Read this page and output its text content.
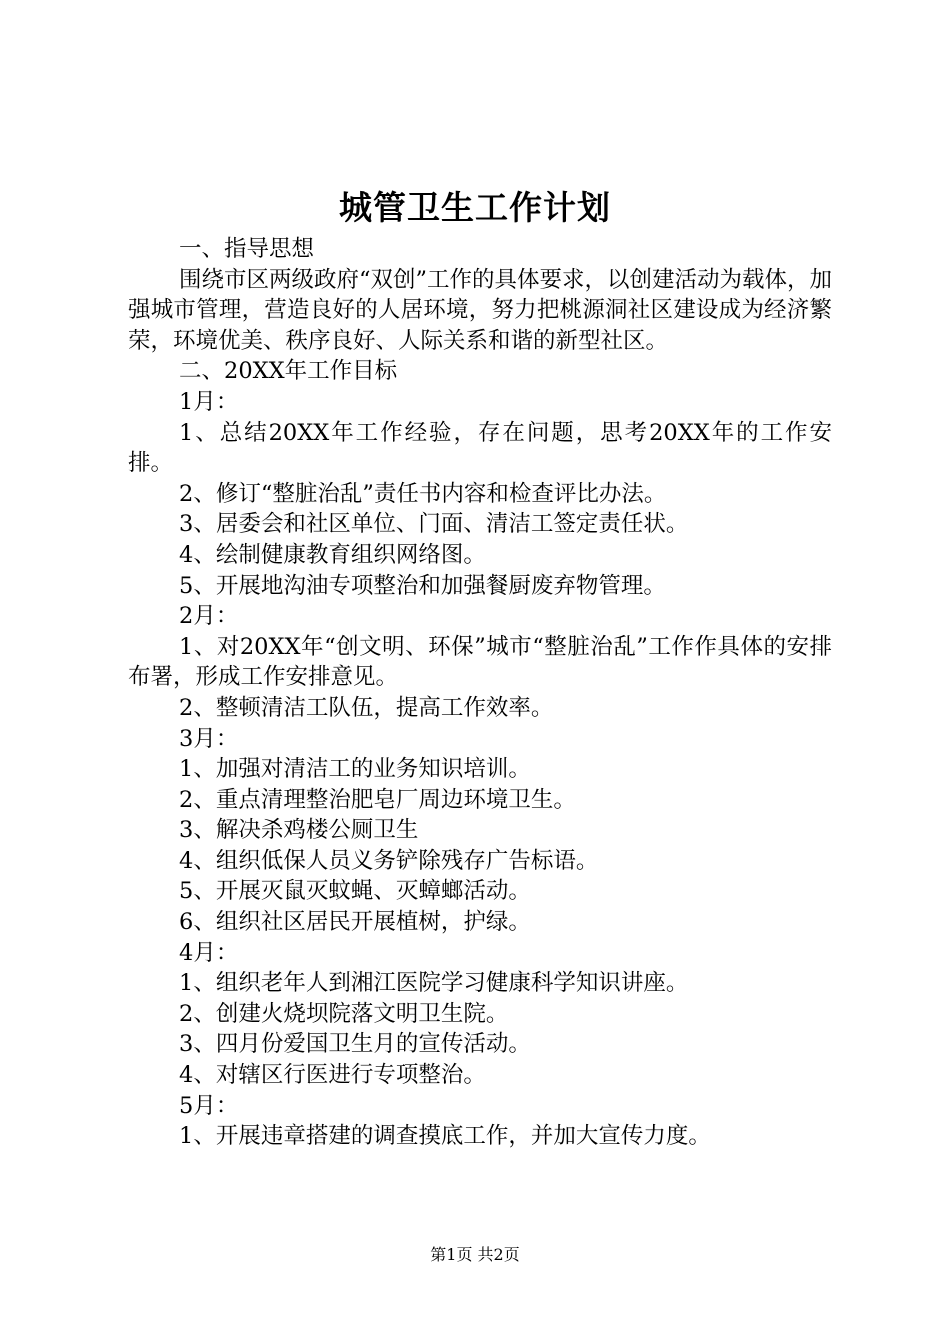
城管卫生工作计划

一、指导思想

围绕市区两级政府“双创”工作的具体要求，以创建活动为载体，加强城市管理，营造良好的人居环境，努力把桃源洞社区建设成为经济繁荣，环境优美、秩序良好、人际关系和谐的新型社区。

二、20XX年工作目标

1月：

1、总结20XX年工作经验，存在问题，思考20XX年的工作安排。

2、修订“整脏治乱”责任书内容和检查评比办法。

3、居委会和社区单位、门面、清洁工签定责任状。

4、绘制健康教育组织网络图。

5、开展地沟油专项整治和加强餐厨废弃物管理。

2月：

1、对20XX年“创文明、环保”城市“整脏治乱”工作作具体的安排布署，形成工作安排意见。

2、整顿清洁工队伍，提高工作效率。

3月：

1、加强对清洁工的业务知识培训。

2、重点清理整治肥皂厂周边环境卫生。

3、解决杀鸡楼公厕卫生

4、组织低保人员义务铲除残存广告标语。

5、开展灭鼠灭蚊蝇、灭蟑螂活动。

6、组织社区居民开展植树，护绿。

4月：

1、组织老年人到湘江医院学习健康科学知识讲座。

2、创建火烧坝院落文明卫生院。

3、四月份爱国卫生月的宣传活动。

4、对辖区行医进行专项整治。

5月：

1、开展违章搭建的调查摸底工作，并加大宣传力度。

第1页 共2页
